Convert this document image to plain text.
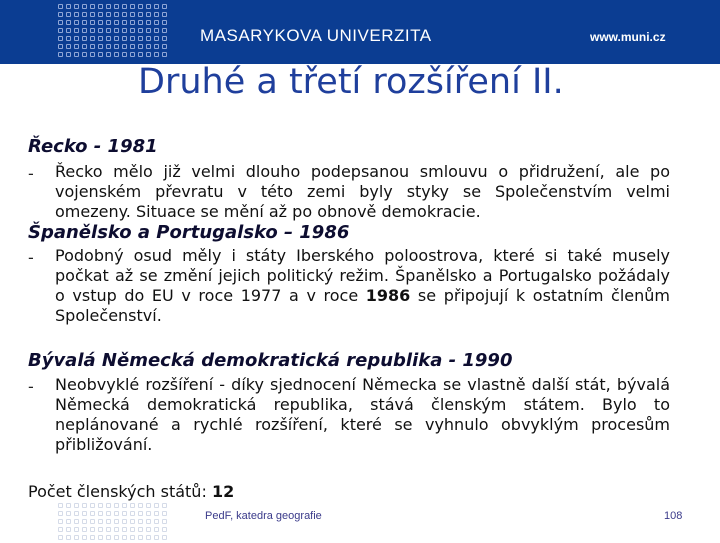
MASARYKOVA UNIVERZITA	www.muni.cz
Druhé a třetí rozšíření II.
Řecko - 1981
- Řecko mělo již velmi dlouho podepsanou smlouvu o přidružení, ale po vojenském převratu v této zemi byly styky se Společenstvím velmi omezeny. Situace se mění až po obnově demokracie.
Španělsko a Portugalsko – 1986
- Podobný osud měly i státy Iberského poloostrova, které si také musely počkat až se změní jejich politický režim. Španělsko a Portugalsko požádaly o vstup do EU v roce 1977 a v roce 1986 se připojují k ostatním členům Společenství.
Bývalá Německá demokratická republika - 1990
- Neobvyklé rozšíření - díky sjednocení Německa se vlastně další stát, bývalá Německá demokratická republika, stává členským státem. Bylo to neplánované a rychlé rozšíření, které se vyhnulo obvyklým procesům přibližování.
Počet členských států: 12
PedF, katedra geografie	108
